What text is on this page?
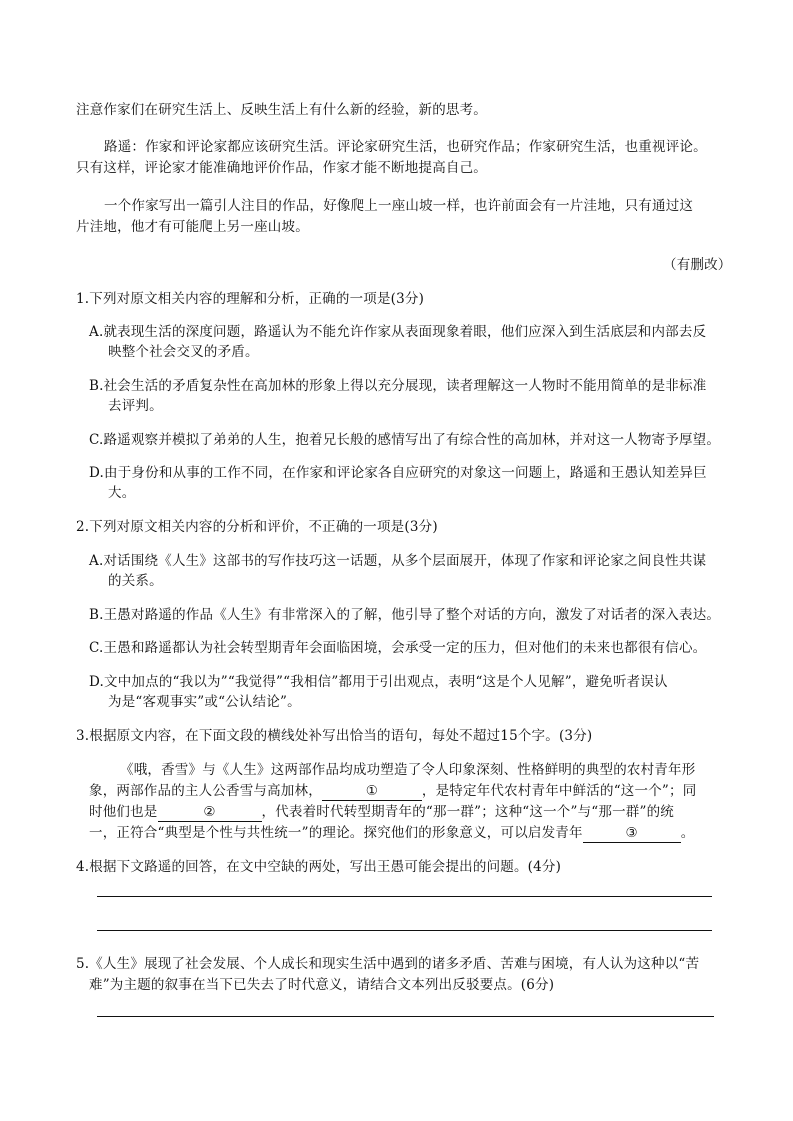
注意作家们在研究生活上、反映生活上有什么新的经验，新的思考。
路遥：作家和评论家都应该研究生活。评论家研究生活，也研究作品；作家研究生活，也重视评论。
只有这样，评论家才能准确地评价作品，作家才能不断地提高自己。
一个作家写出一篇引人注目的作品，好像爬上一座山坡一样，也许前面会有一片洼地，只有通过这
片洼地，他才有可能爬上另一座山坡。
（有删改）
1.下列对原文相关内容的理解和分析，正确的一项是(3分)
A.就表现生活的深度问题，路遥认为不能允许作家从表面现象着眼，他们应深入到生活底层和内部去反
映整个社会交叉的矛盾。
B.社会生活的矛盾复杂性在高加林的形象上得以充分展现，读者理解这一人物时不能用简单的是非标准
去评判。
C.路遥观察并模拟了弟弟的人生，抱着兄长般的感情写出了有综合性的高加林，并对这一人物寄予厚望。
D.由于身份和从事的工作不同，在作家和评论家各自应研究的对象这一问题上，路遥和王愚认知差异巨
大。
2.下列对原文相关内容的分析和评价，不正确的一项是(3分)
A.对话围绕《人生》这部书的写作技巧这一话题，从多个层面展开，体现了作家和评论家之间良性共谋
的关系。
B.王愚对路遥的作品《人生》有非常深入的了解，他引导了整个对话的方向，激发了对话者的深入表达。
C.王愚和路遥都认为社会转型期青年会面临困境，会承受一定的压力，但对他们的未来也都很有信心。
D.文中加点的“我以为”“我觉得”“我相信”都用于引出观点，表明“这是个人见解”，避免听者误认
为是“客观事实”或“公认结论”。
3.根据原文内容，在下面文段的横线处补写出恰当的语句，每处不超过15个字。(3分)
《哦，香雪》与《人生》这两部作品均成功塑造了令人印象深刻、性格鲜明的典型的农村青年形
象，两部作品的主人公香雪与高加林，	①	，是特定年代农村青年中鲜活的“这一个”；同
时他们也是	②	，代表着时代转型期青年的“那一群”；这种“这一个”与“那一群”的统
一，正符合“典型是个性与共性统一”的理论。探究他们的形象意义，可以启发青年	③	。
4.根据下文路遥的回答，在文中空缺的两处，写出王愚可能会提出的问题。(4分)
5.《人生》展现了社会发展、个人成长和现实生活中遇到的诸多矛盾、苦难与困境，有人认为这种以“苦
难”为主题的叙事在当下已失去了时代意义，请结合文本列出反驳要点。(6分)
